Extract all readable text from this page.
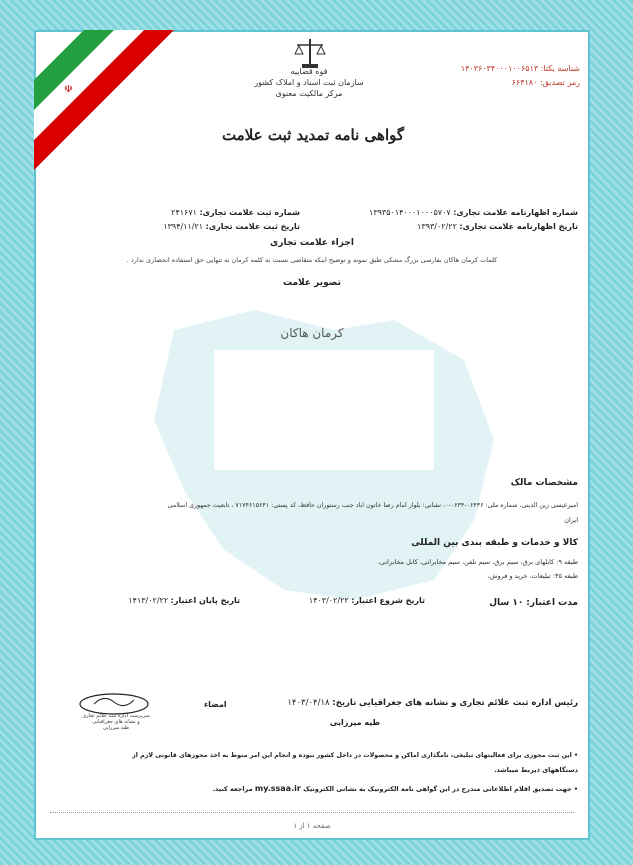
☫
قوه قضاییه
سازمان ثبت اسناد و املاک کشور
مرکز مالکیت معنوی
گواهی نامه تمدید ثبت علامت
شناسه یکتا: ۱۴۰۳۶۰۳۴۰۰۰۱۰۰۶۵۱۳
رمز تصدیق: ۶۶۴۱۸۰
شماره اظهارنامه علامت تجاری: ۱۳۹۳۵۰۱۴۰۰۰۱۰۰۰۵۷۰۷
شماره ثبت علامت تجاری: ۲۴۱۶۷۱
تاریخ اظهارنامه علامت تجاری: ۱۳۹۳/۰۲/۲۲
تاریخ ثبت علامت تجاری: ۱۳۹۴/۱۱/۲۱
اجزاء علامت تجاری
کلمات کرمان هاکان بفارسی بزرگ مشکی طبق نمونه و توضیح اینکه متقاضی نسبت به کلمه کرمان به تنهایی حق استفاده انحصاری ندارد .
تصویر علامت
کرمان هاکان
مشخصات مالک
امیرعیسی زین الدینی، شماره ملی: ۰۶۴۳۶-۰۶۳۴-۰، نشانی: بلوار امام رضا خاتون اباد جنب رستوران حافظ، کد پستی: ۷۱۷۴۶۱۵۶۴۱ ، تابعیت جمهوری اسلامی
ایران
کالا و خدمات و طبقه بندی بین المللی
طبقه ۹: کابلهای برق، سیم برق، سیم تلفن، سیم مخابراتی، کابل مخابراتی،
طبقه ۳۵: تبلیغات، خرید و فروش،
مدت اعتبار: ۱۰ سال
تاریخ شروع اعتبار: ۱۴۰۳/۰۲/۲۲
تاریخ پایان اعتبار: ۱۴۱۳/۰۲/۲۲
رئیس اداره ثبت علائم تجاری و نشانه های جغرافیایی تاریخ: ۱۴۰۳/۰۴/۱۸
امضاء
طیه میرزایی
سرپرست اداره ثبت علائم تجاری
و نشانه های جغرافیایی
طیه میرزایی
• این ثبت مجوزی برای فعالیتهای تبلیغی، نامگذاری اماکن و محصولات در داخل کشور نبوده و انجام این امر منوط به اخذ مجوزهای قانونی لازم از
دستگاههای ذیربط میباشد.
• جهت تصدیق اقلام اطلاعاتی مندرج در این گواهی نامه الکترونیک به نشانی الکترونیک my.ssaa.ir مراجعه کنید.
صفحه ۱ از ۱
